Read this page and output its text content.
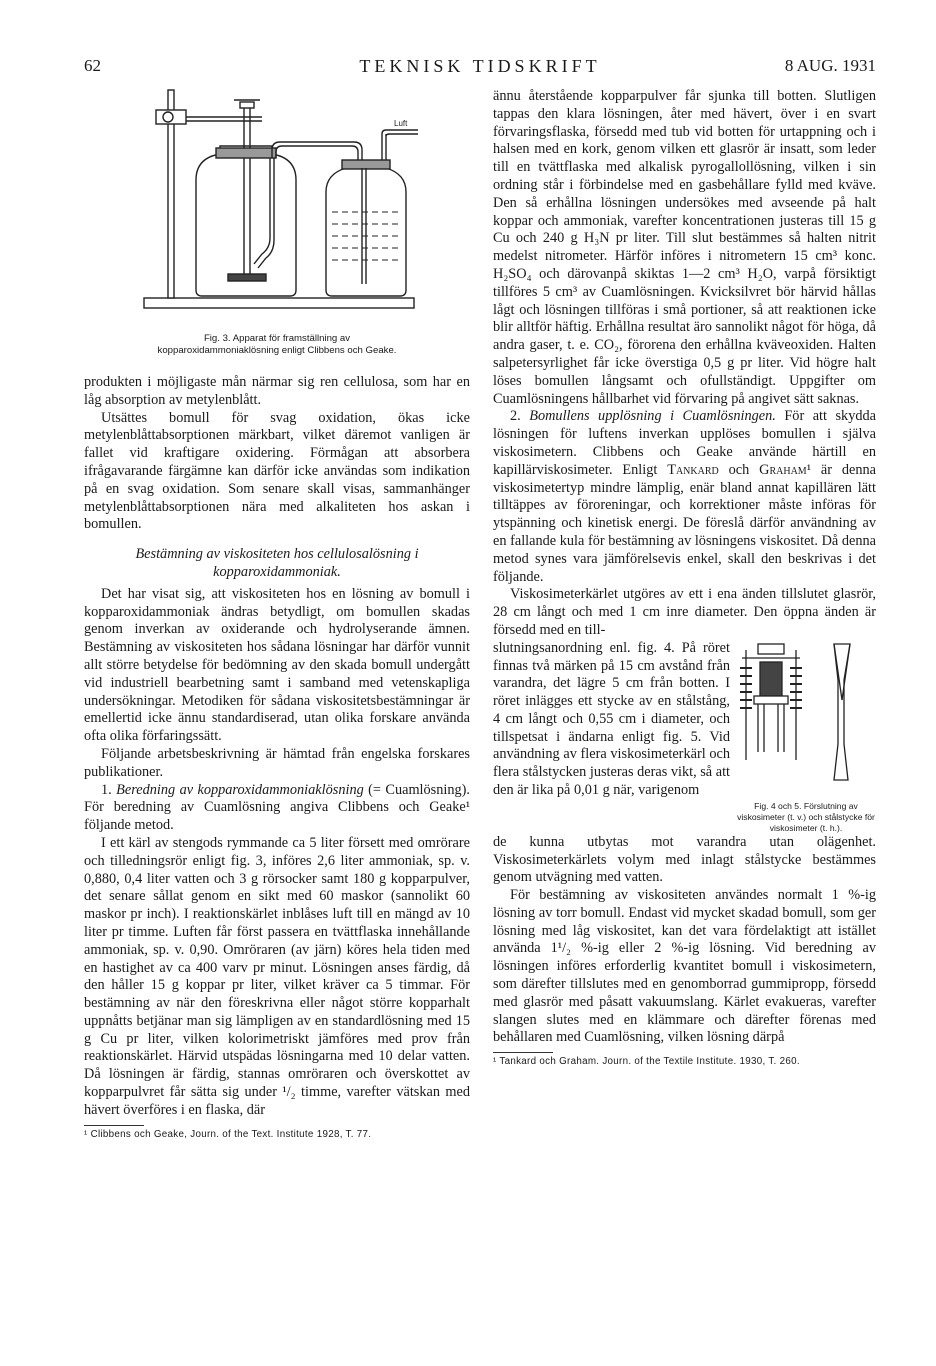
62	TEKNISK TIDSKRIFT	8 AUG. 1931
Luft

Fig. 3. Apparat för framställning av kopparoxidammoniaklösning enligt Clibbens och Geake.

produkten i möjligaste mån närmar sig ren cellulosa, som har en låg absorption av metylenblått.

Utsättes bomull för svag oxidation, ökas icke metylenblåttabsorptionen märkbart, vilket däremot vanligen är fallet vid kraftigare oxidering. Förmågan att absorbera ifrågavarande färgämne kan därför icke användas som indikation på en svag oxidation. Som senare skall visas, sammanhänger metylenblåttabsorptionen nära med alkaliteten hos askan i bomullen.

Bestämning av viskositeten hos cellulosalösning i kopparoxidammoniak.

Det har visat sig, att viskositeten hos en lösning av bomull i kopparoxidammoniak ändras betydligt, om bomullen skadas genom inverkan av oxiderande och hydrolyserande ämnen. Bestämning av viskositeten hos sådana lösningar har därför vunnit allt större betydelse för bedömning av den skada bomull undergått vid industriell bearbetning samt i samband med vetenskapliga undersökningar. Metodiken för sådana viskositetsbestämningar är emellertid icke ännu standardiserad, utan olika forskare använda ofta olika förfaringssätt.

Följande arbetsbeskrivning är hämtad från engelska forskares publikationer.

1. Beredning av kopparoxidammoniaklösning (= Cuamlösning). För beredning av Cuamlösning angiva Clibbens och Geake¹ följande metod.

I ett kärl av stengods rymmande ca 5 liter försett med omrörare och tilledningsrör enligt fig. 3, införes 2,6 liter ammoniak, sp. v. 0,880, 0,4 liter vatten och 3 g rörsocker samt 180 g kopparpulver, det senare sållat genom en sikt med 60 maskor (sannolikt 60 maskor pr inch). I reaktionskärlet inblåses luft till en mängd av 10 liter pr timme. Luften får först passera en tvättflaska innehållande ammoniak, sp. v. 0,90. Omröraren (av järn) köres hela tiden med en hastighet av ca 400 varv pr minut. Lösningen anses färdig, då den håller 15 g koppar pr liter, vilket kräver ca 5 timmar. För bestämning av när den föreskrivna eller något större kopparhalt uppnåtts betjänar man sig lämpligen av en standardlösning med 15 g Cu pr liter, vilken kolorimetriskt jämföres med prov från reaktionskärlet. Härvid utspädas lösningarna med 10 delar vatten. Då lösningen är färdig, stannas omröraren och överskottet av kopparpulvret får sätta sig under ¹/₂ timme, varefter vätskan med hävert överföres i en flaska, där

¹ Clibbens och Geake, Journ. of the Text. Institute 1928, T. 77.

ännu återstående kopparpulver får sjunka till botten. Slutligen tappas den klara lösningen, åter med hävert, över i en svart förvaringsflaska, försedd med tub vid botten för urtappning och i halsen med en kork, genom vilken ett glasrör är insatt, som leder till en tvättflaska med alkalisk pyrogallollösning, vilken i sin ordning står i förbindelse med en gasbehållare fylld med kväve. Den så erhållna lösningen undersökes med avseende på halt koppar och ammoniak, varefter koncentrationen justeras till 15 g Cu och 240 g H₃N pr liter. Till slut bestämmes så halten nitrit medelst nitrometer. Härför införes i nitrometern 15 cm³ konc. H₂SO₄ och därovanpå skiktas 1—2 cm³ H₂O, varpå försiktigt tillföres 5 cm³ av Cuamlösningen. Kvicksilvret bör härvid hållas lågt och lösningen tillföras i små portioner, så att reaktionen icke blir alltför häftig. Erhållna resultat äro sannolikt något för höga, då andra gaser, t. e. CO₂, förorena den erhållna kväveoxiden. Halten salpetersyrlighet får icke överstiga 0,5 g pr liter. Vid högre halt löses bomullen långsamt och ofullständigt. Uppgifter om Cuamlösningens hållbarhet vid förvaring på angivet sätt saknas.

2. Bomullens upplösning i Cuamlösningen. För att skydda lösningen för luftens inverkan upplöses bomullen i själva viskosimetern. Clibbens och Geake använde härtill en kapillärviskosimeter. Enligt Tankard och Graham¹ är denna viskosimetertyp mindre lämplig, enär bland annat kapillären lätt tilltäppes av föroreningar, och korrektioner måste införas för ytspänning och kinetisk energi. De föreslå därför användning av en fallande kula för bestämning av lösningens viskositet. Då denna metod synes vara jämförelsevis enkel, skall den beskrivas i det följande.

Viskosimeterkärlet utgöres av ett i ena änden tillslutet glasrör, 28 cm långt och med 1 cm inre diameter. Den öppna änden är försedd med en till-

slutningsanordning enl. fig. 4. På röret finnas två märken på 15 cm avstånd från varandra, det lägre 5 cm från botten. I röret inlägges ett stycke av en stålstång, 4 cm långt och 0,55 cm i diameter, och tillspetsat i ändarna enligt fig. 5. Vid användning av flera viskosimeterkärl och flera stålstycken justeras deras vikt, så att den är lika på 0,01 g när, varigenom

Fig. 4 och 5. Förslutning av viskosimeter (t. v.) och stålstycke för viskosimeter (t. h.).

de kunna utbytas mot varandra utan olägenhet. Viskosimeterkärlets volym med inlagt stålstycke bestämmes genom utvägning med vatten.

För bestämning av viskositeten användes normalt 1 %-ig lösning av torr bomull. Endast vid mycket skadad bomull, som ger lösning med låg viskositet, kan det vara fördelaktigt att istället använda 1¹/₂ %-ig eller 2 %-ig lösning. Vid beredning av lösningen införes erforderlig kvantitet bomull i viskosimetern, som därefter tillslutes med en genomborrad gummipropp, försedd med glasrör med påsatt vakuumslang. Kärlet evakueras, varefter slangen slutes med en klämmare och därefter förenas med behållaren med Cuamlösning, vilken lösning därpå

¹ Tankard och Graham. Journ. of the Textile Institute. 1930, T. 260.
